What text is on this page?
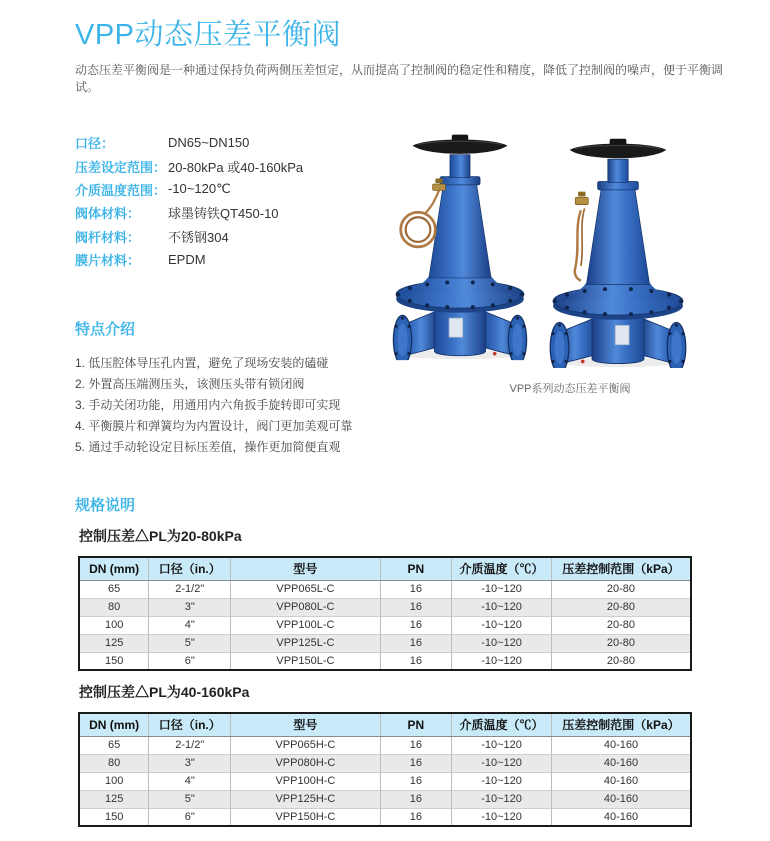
VPP动态压差平衡阀

动态压差平衡阀是一种通过保持负荷两侧压差恒定，从而提高了控制阀的稳定性和精度，降低了控制阀的噪声，便于平衡调试。

口径：	DN65~DN150
压差设定范围： 20-80kPa 或40-160kPa
介质温度范围： -10~120℃
阀体材料：	球墨铸铁QT450-10
阀杆材料：	不锈钢304
膜片材料：	EPDM
特点介绍
1. 低压腔体导压孔内置，避免了现场安装的磕碰
2. 外置高压端测压头，该测压头带有锁闭阀
3. 手动关闭功能，用通用内六角扳手旋转即可实现
4. 平衡膜片和弹簧均为内置设计，阀门更加美观可靠
5. 通过手动轮设定目标压差值，操作更加简便直观
VPP系列动态压差平衡阀
规格说明
控制压差△PL为20-80kPa
DN (mm)	口径（in.）	型号	PN	介质温度（℃）	压差控制范围（kPa）
65	2-1/2"	VPP065L-C	16	-10~120	20-80
80	3"	VPP080L-C	16	-10~120	20-80
100	4"	VPP100L-C	16	-10~120	20-80
125	5"	VPP125L-C	16	-10~120	20-80
150	6"	VPP150L-C	16	-10~120	20-80
控制压差△PL为40-160kPa
DN (mm)	口径（in.）	型号	PN	介质温度（℃）	压差控制范围（kPa）
65	2-1/2"	VPP065H-C	16	-10~120	40-160
80	3"	VPP080H-C	16	-10~120	40-160
100	4"	VPP100H-C	16	-10~120	40-160
125	5"	VPP125H-C	16	-10~120	40-160
150	6"	VPP150H-C	16	-10~120	40-160
